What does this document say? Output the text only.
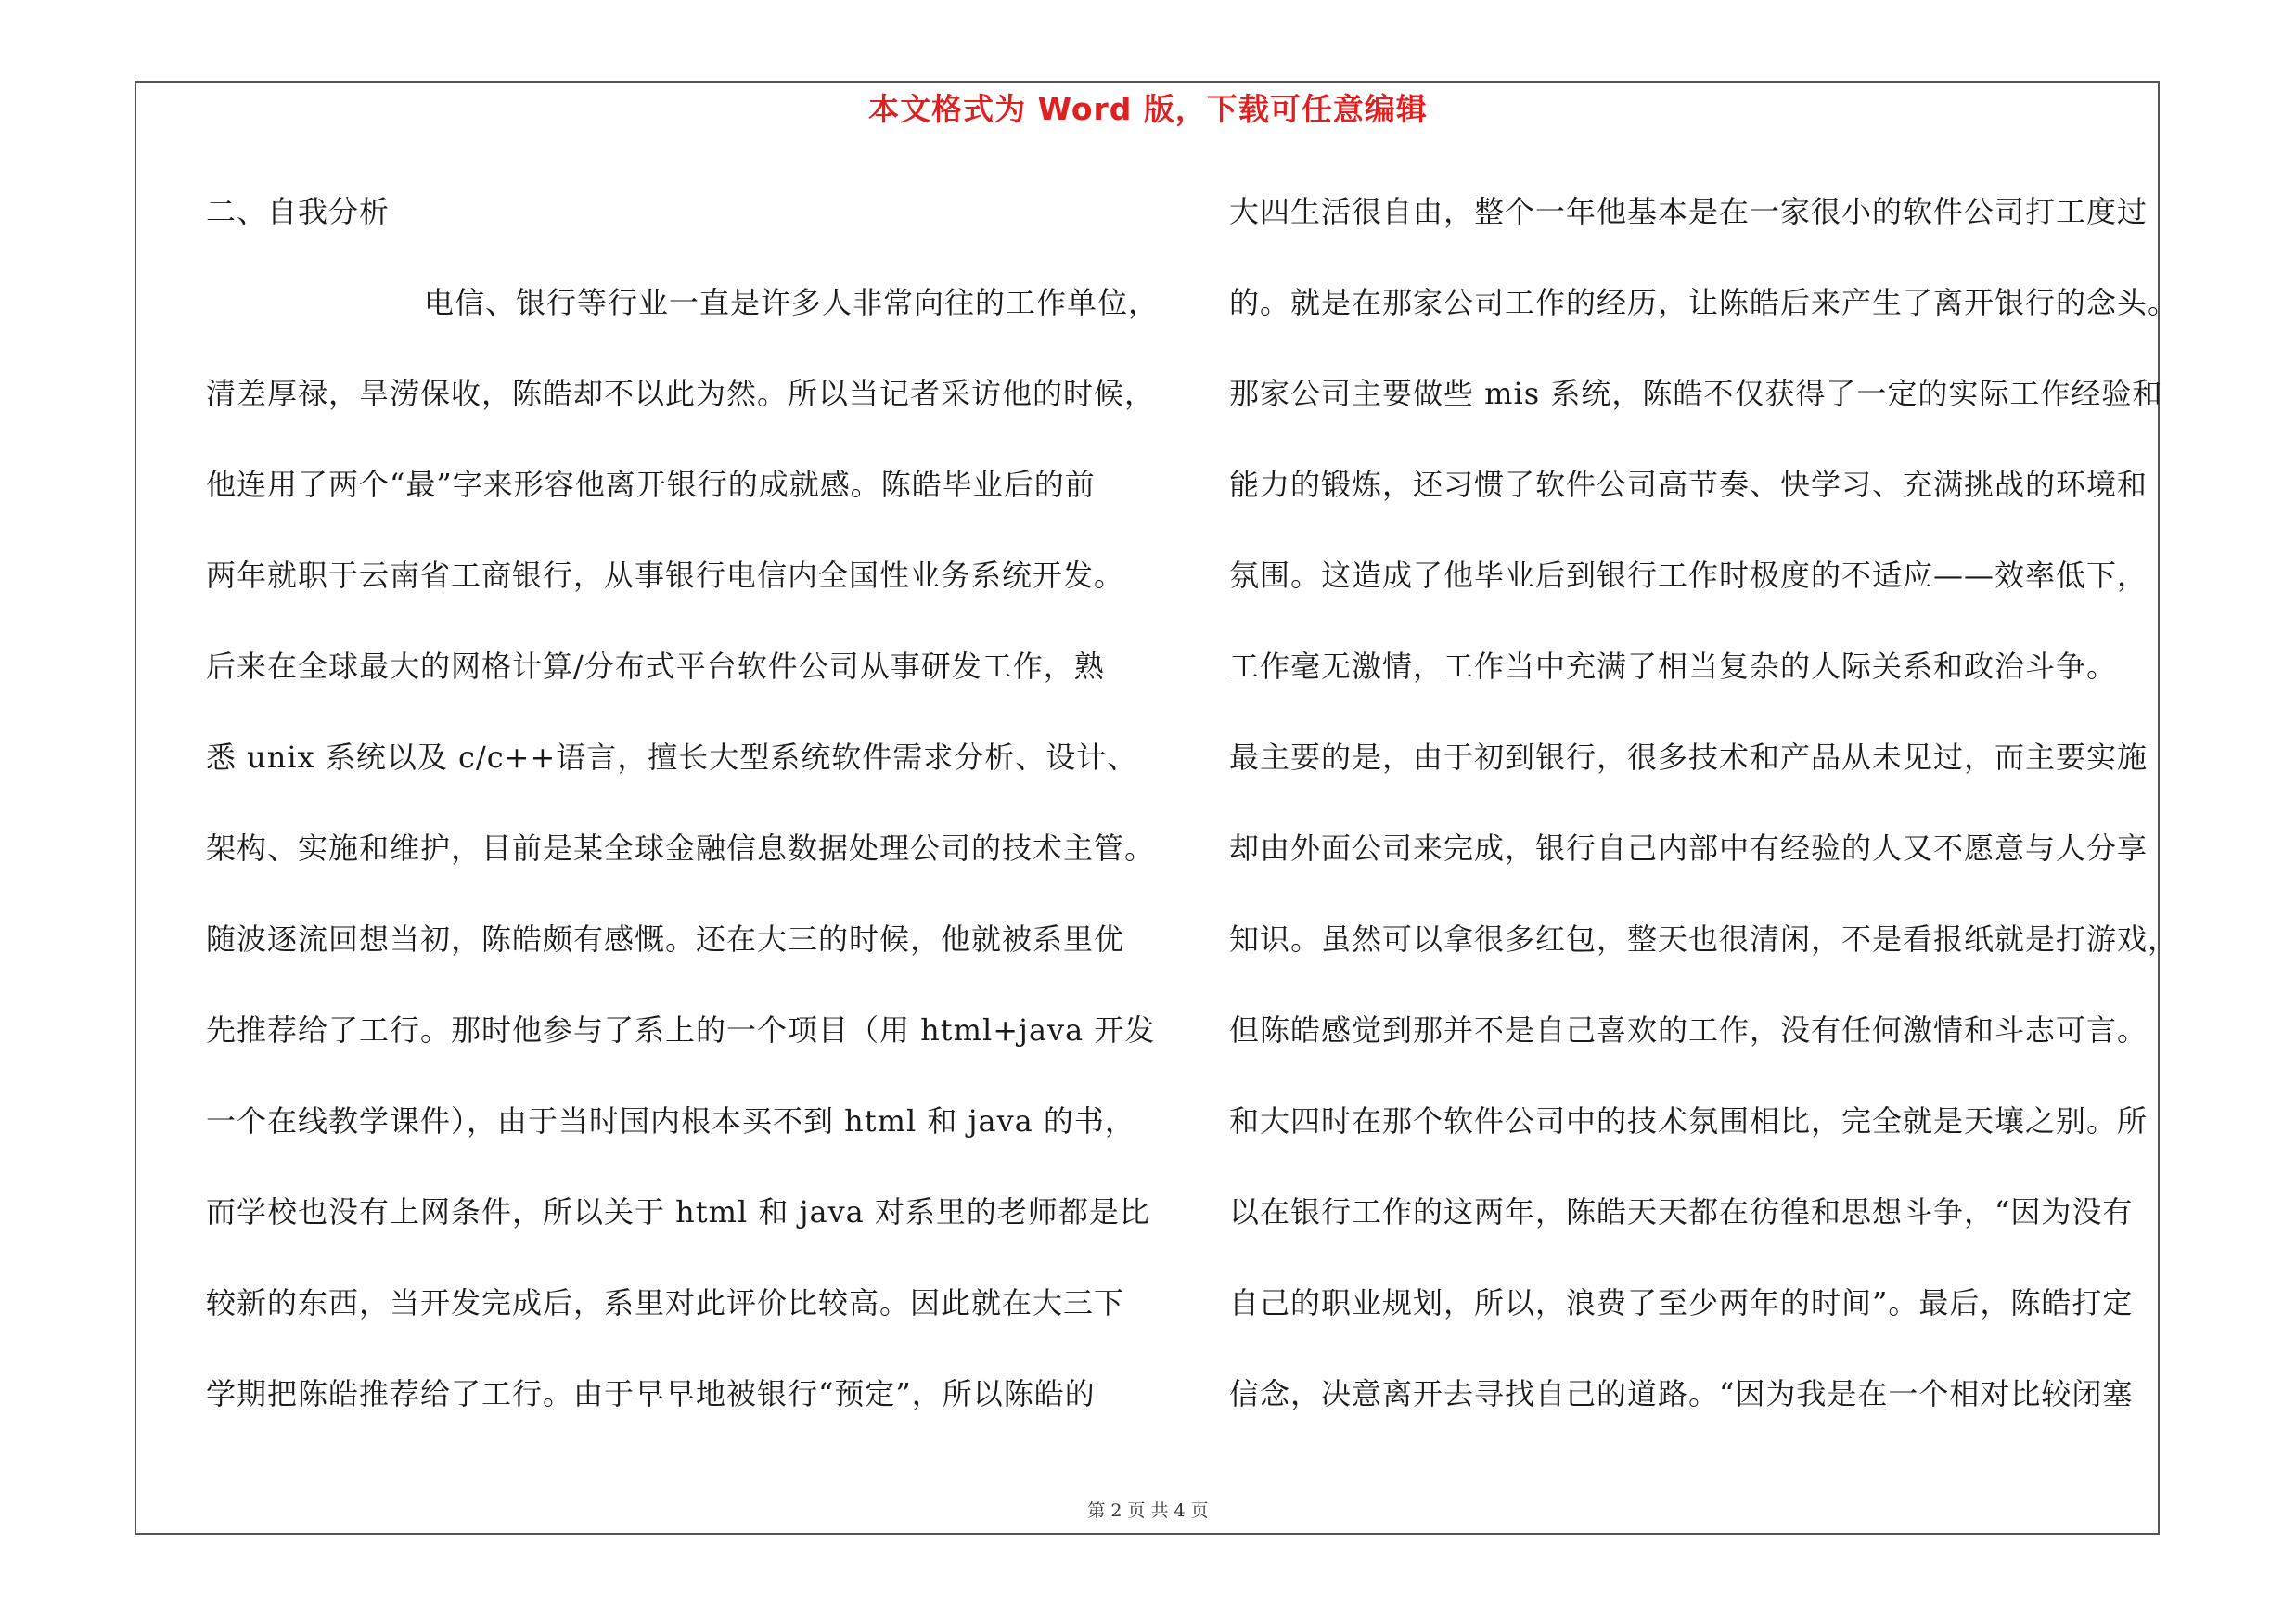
本文格式为 Word 版，下载可任意编辑
二、自我分析
电信、银行等行业一直是许多人非常向往的工作单位，
清差厚禄，旱涝保收，陈皓却不以此为然。所以当记者采访他的时候，
他连用了两个“最”字来形容他离开银行的成就感。陈皓毕业后的前
两年就职于云南省工商银行，从事银行电信内全国性业务系统开发。
后来在全球最大的网格计算/分布式平台软件公司从事研发工作，熟
悉 unix 系统以及 c/c++语言，擅长大型系统软件需求分析、设计、
架构、实施和维护，目前是某全球金融信息数据处理公司的技术主管。
随波逐流回想当初，陈皓颇有感慨。还在大三的时候，他就被系里优
先推荐给了工行。那时他参与了系上的一个项目（用 html+java 开发
一个在线教学课件），由于当时国内根本买不到 html 和 java 的书，
而学校也没有上网条件，所以关于 html 和 java 对系里的老师都是比
较新的东西，当开发完成后，系里对此评价比较高。因此就在大三下
学期把陈皓推荐给了工行。由于早早地被银行“预定”，所以陈皓的
大四生活很自由，整个一年他基本是在一家很小的软件公司打工度过
的。就是在那家公司工作的经历，让陈皓后来产生了离开银行的念头。
那家公司主要做些 mis 系统，陈皓不仅获得了一定的实际工作经验和
能力的锻炼，还习惯了软件公司高节奏、快学习、充满挑战的环境和
氛围。这造成了他毕业后到银行工作时极度的不适应——效率低下，
工作毫无激情，工作当中充满了相当复杂的人际关系和政治斗争。
最主要的是，由于初到银行，很多技术和产品从未见过，而主要实施
却由外面公司来完成，银行自己内部中有经验的人又不愿意与人分享
知识。虽然可以拿很多红包，整天也很清闲，不是看报纸就是打游戏，
但陈皓感觉到那并不是自己喜欢的工作，没有任何激情和斗志可言。
和大四时在那个软件公司中的技术氛围相比，完全就是天壤之别。所
以在银行工作的这两年，陈皓天天都在彷徨和思想斗争，“因为没有
自己的职业规划，所以，浪费了至少两年的时间”。最后，陈皓打定
信念，决意离开去寻找自己的道路。“因为我是在一个相对比较闭塞
第 2 页 共 4 页
